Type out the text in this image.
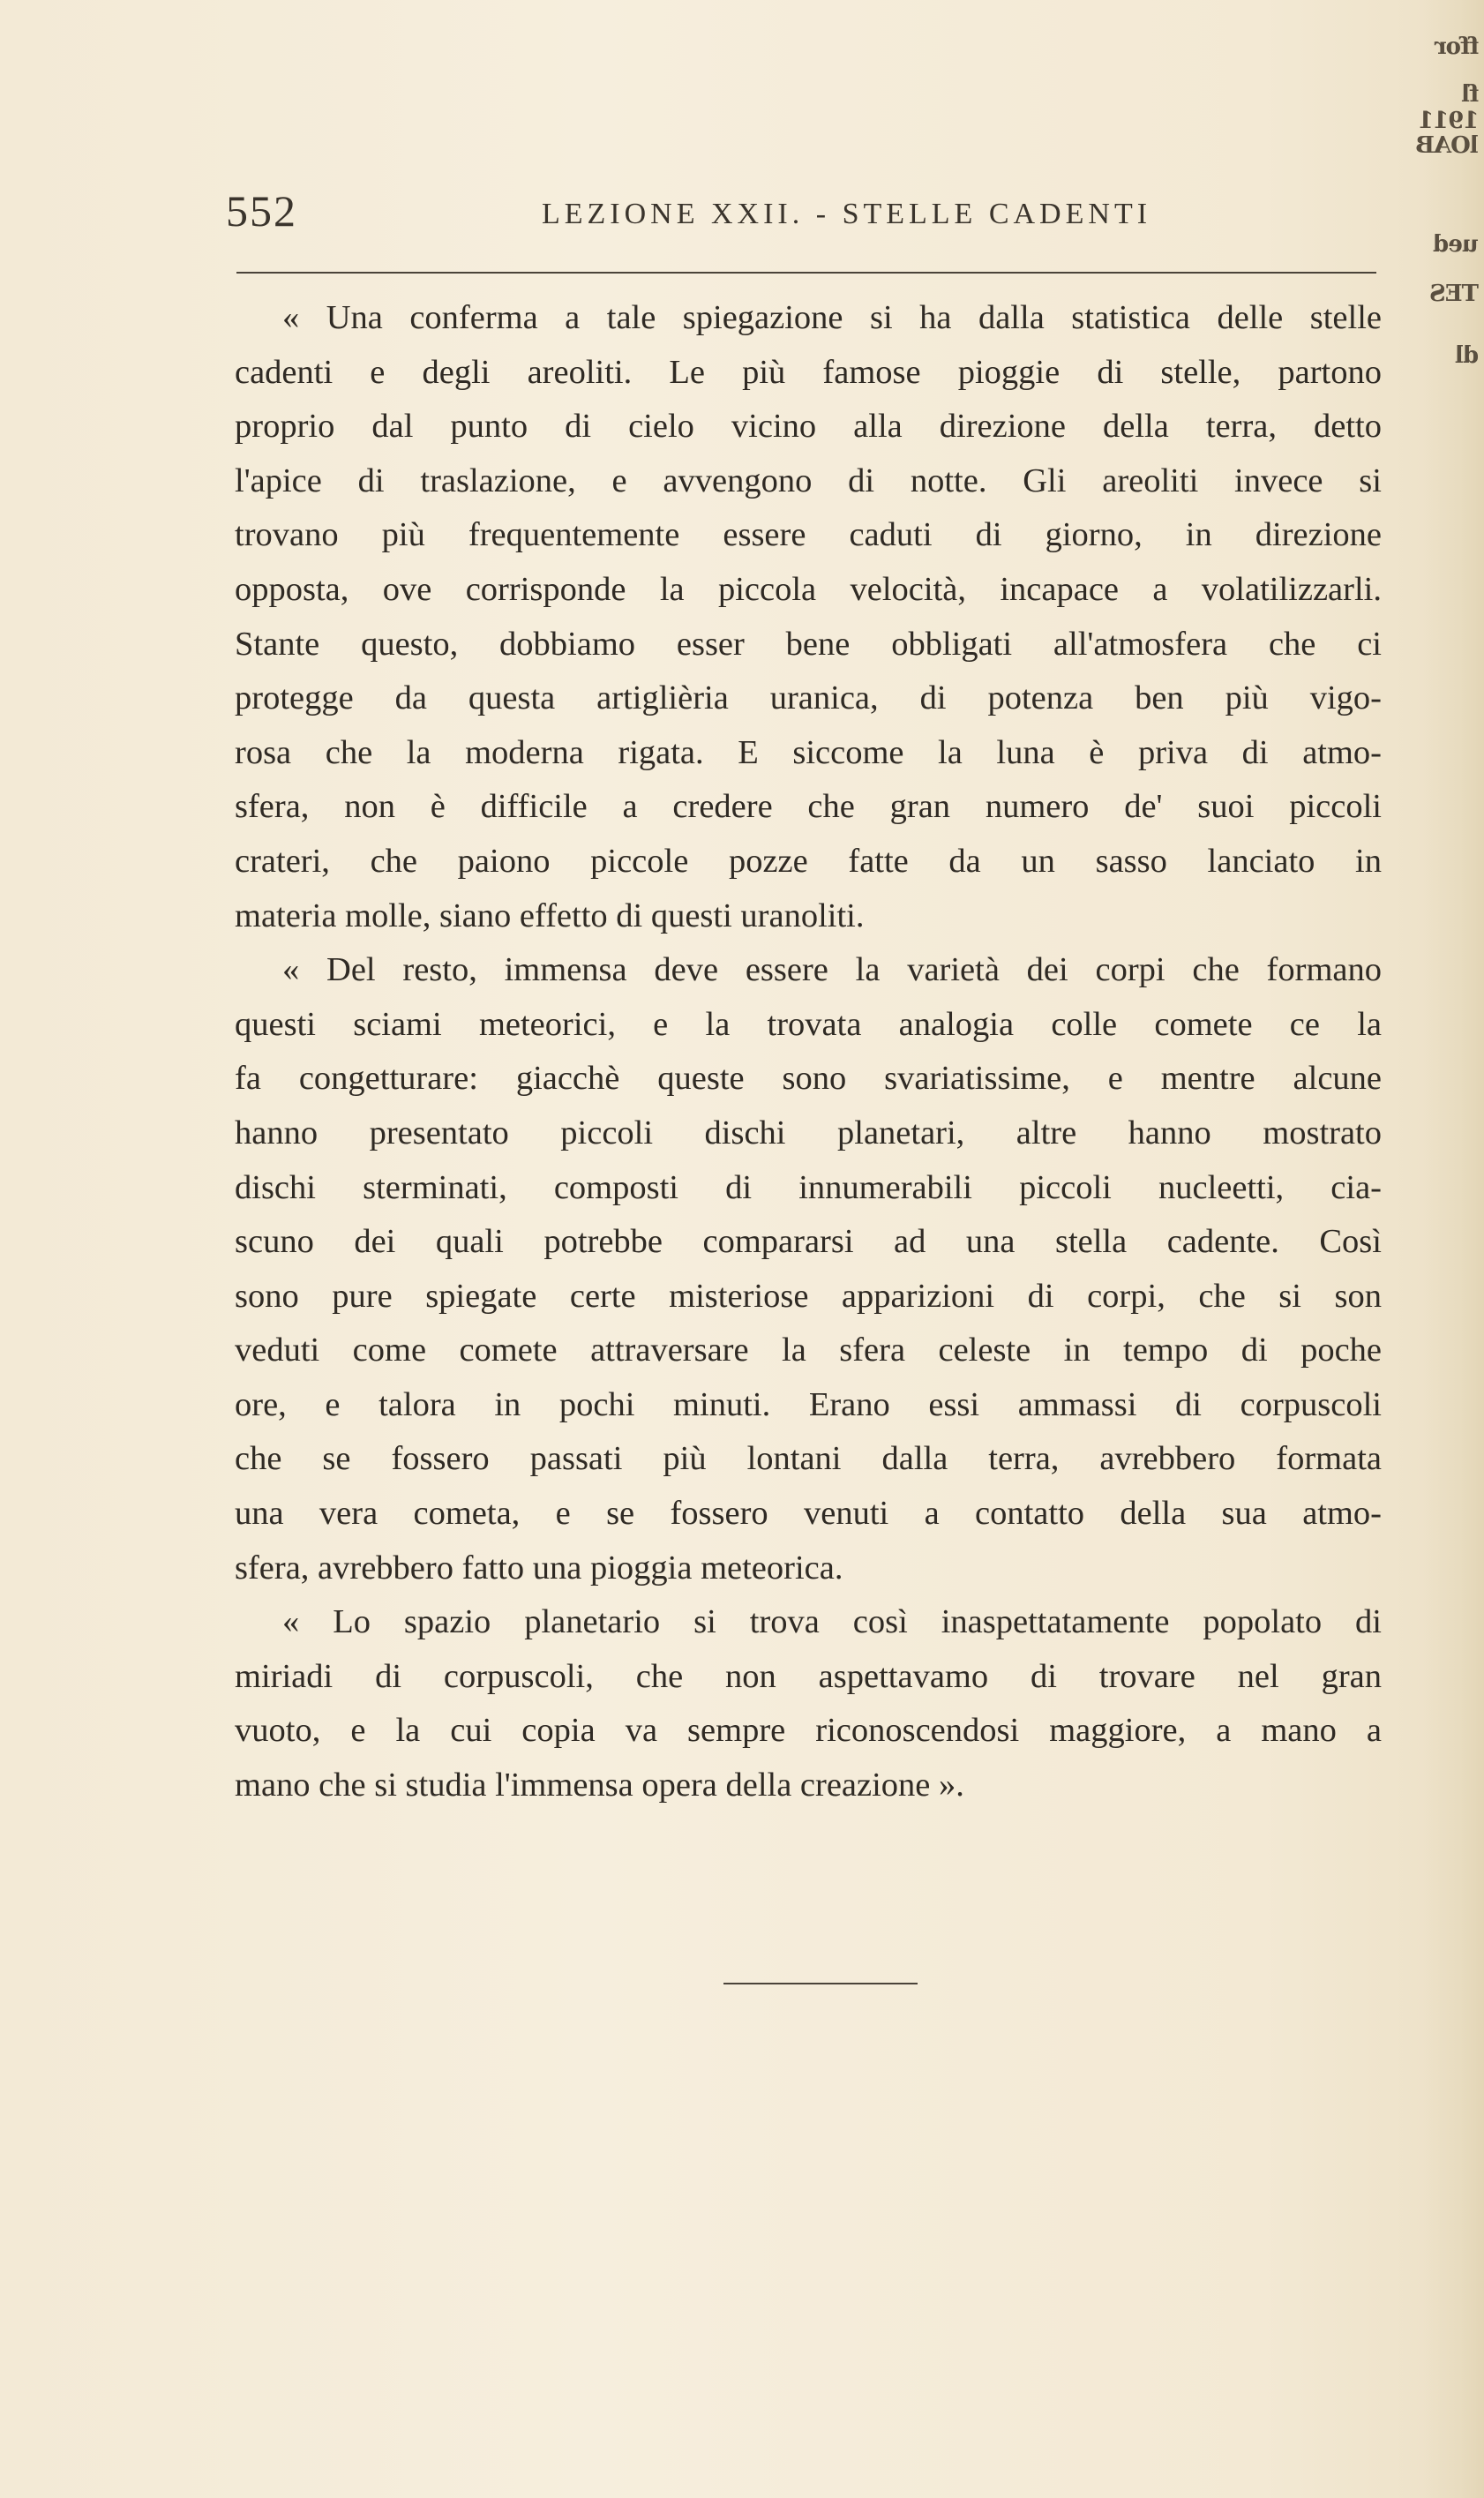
ffor
fl 1911
lOAB
ued
TES
dl
552	LEZIONE XXII. - STELLE CADENTI

« Una conferma a tale spiegazione si ha dalla statistica delle stelle
cadenti e degli areoliti. Le più famose pioggie di stelle, partono
proprio dal punto di cielo vicino alla direzione della terra, detto
l'apice di traslazione, e avvengono di notte. Gli areoliti invece si
trovano più frequentemente essere caduti di giorno, in direzione
opposta, ove corrisponde la piccola velocità, incapace a volatilizzarli.
Stante questo, dobbiamo esser bene obbligati all'atmosfera che ci
protegge da questa artiglièria uranica, di potenza ben più vigo-
rosa che la moderna rigata. E siccome la luna è priva di atmo-
sfera, non è difficile a credere che gran numero de' suoi piccoli
crateri, che paiono piccole pozze fatte da un sasso lanciato in
materia molle, siano effetto di questi uranoliti.

« Del resto, immensa deve essere la varietà dei corpi che formano
questi sciami meteorici, e la trovata analogia colle comete ce la
fa congetturare: giacchè queste sono svariatissime, e mentre alcune
hanno presentato piccoli dischi planetari, altre hanno mostrato
dischi sterminati, composti di innumerabili piccoli nucleetti, cia-
scuno dei quali potrebbe compararsi ad una stella cadente. Così
sono pure spiegate certe misteriose apparizioni di corpi, che si son
veduti come comete attraversare la sfera celeste in tempo di poche
ore, e talora in pochi minuti. Erano essi ammassi di corpuscoli
che se fossero passati più lontani dalla terra, avrebbero formata
una vera cometa, e se fossero venuti a contatto della sua atmo-
sfera, avrebbero fatto una pioggia meteorica.

« Lo spazio planetario si trova così inaspettatamente popolato di
miriadi di corpuscoli, che non aspettavamo di trovare nel gran
vuoto, e la cui copia va sempre riconoscendosi maggiore, a mano a
mano che si studia l'immensa opera della creazione ».
